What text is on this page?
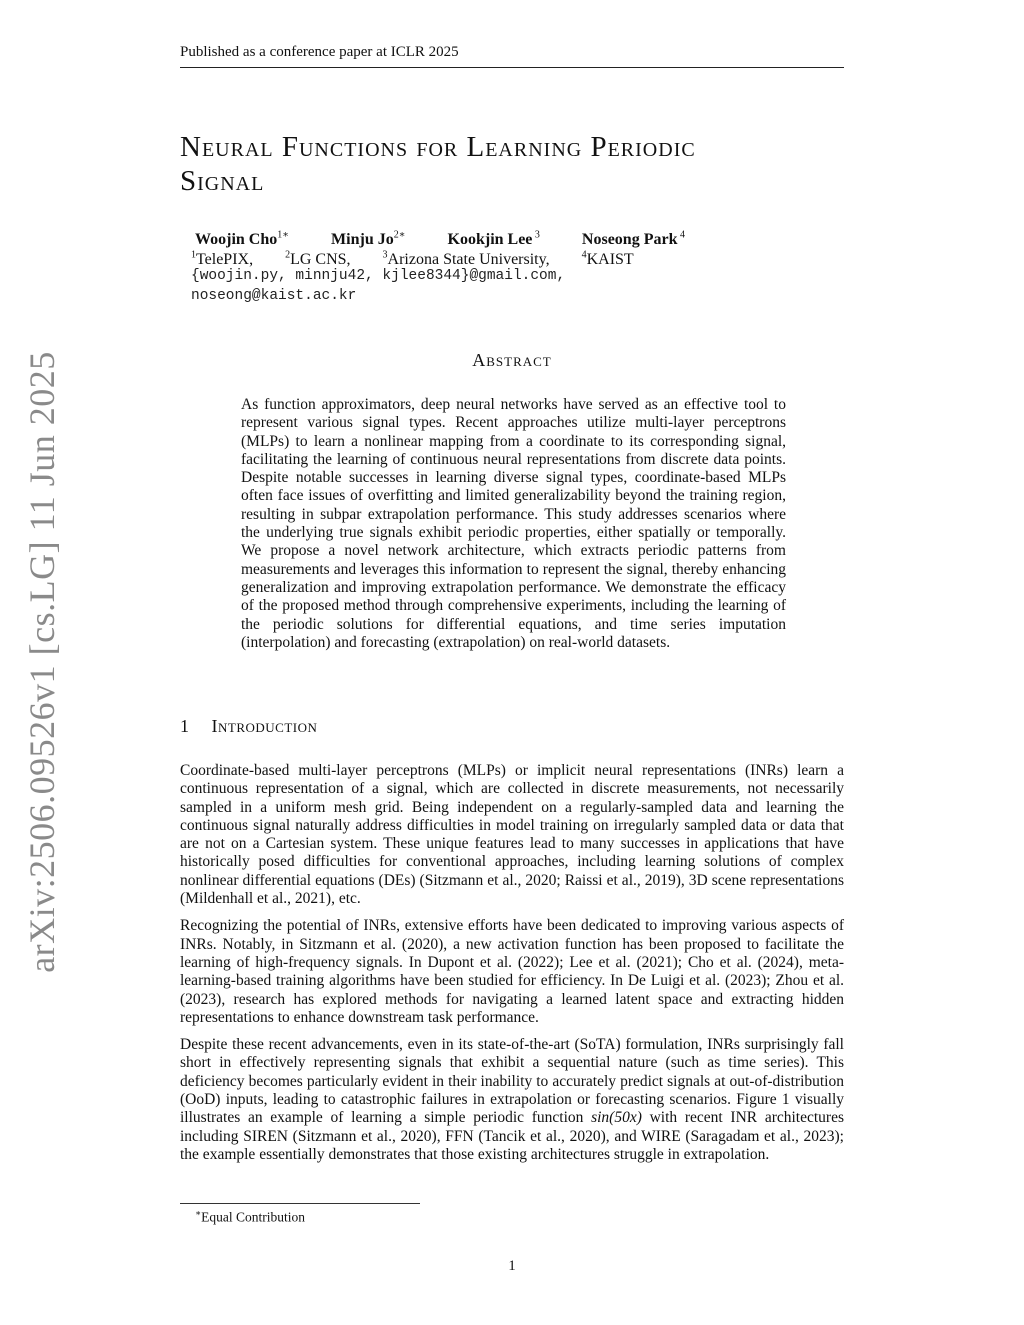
Published as a conference paper at ICLR 2025
Neural Functions for Learning Periodic
Signal
Woojin Cho$^{1∗}$	Minju $Jo^{2∗}$	Kookjin Lee $^3$	Noseong Park $^4$
$^1$TelePIX,	$^2$LG CNS,	$^3$Arizona State University,	$^4$KAIST
{woojin.py, minnju42, kjlee8344}@gmail.com,
noseong@kaist.ac.kr
Abstract
As function approximators, deep neural networks have served as an effective tool to represent various signal types. Recent approaches utilize multi-layer perceptrons (MLPs) to learn a nonlinear mapping from a coordinate to its corresponding signal, facilitating the learning of continuous neural representations from discrete data points. Despite notable successes in learning diverse signal types, coordinate-based MLPs often face issues of overfitting and limited generalizability beyond the training region, resulting in subpar extrapolation performance. This study addresses scenarios where the underlying true signals exhibit periodic properties, either spatially or temporally. We propose a novel network architecture, which extracts periodic patterns from measurements and leverages this information to represent the signal, thereby enhancing generalization and improving extrapolation performance. We demonstrate the efficacy of the proposed method through comprehensive experiments, including the learning of the periodic solutions for differential equations, and time series imputation (interpolation) and forecasting (extrapolation) on real-world datasets.
1 Introduction

Coordinate-based multi-layer perceptrons (MLPs) or implicit neural representations (INRs) learn a continuous representation of a signal, which are collected in discrete measurements, not necessarily sampled in a uniform mesh grid. Being independent on a regularly-sampled data and learning the continuous signal naturally address difficulties in model training on irregularly sampled data or data that are not on a Cartesian system. These unique features lead to many successes in applications that have historically posed difficulties for conventional approaches, including learning solutions of complex nonlinear differential equations (DEs) (Sitzmann et al., 2020; Raissi et al., 2019), 3D scene representations (Mildenhall et al., 2021), etc.

Recognizing the potential of INRs, extensive efforts have been dedicated to improving various aspects of INRs. Notably, in Sitzmann et al. (2020), a new activation function has been proposed to facilitate the learning of high-frequency signals. In Dupont et al. (2022); Lee et al. (2021); Cho et al. (2024), meta-learning-based training algorithms have been studied for efficiency. In De Luigi et al. (2023); Zhou et al. (2023), research has explored methods for navigating a learned latent space and extracting hidden representations to enhance downstream task performance.

Despite these recent advancements, even in its state-of-the-art (SoTA) formulation, INRs surprisingly fall short in effectively representing signals that exhibit a sequential nature (such as time series). This deficiency becomes particularly evident in their inability to accurately predict signals at out-of-distribution (OoD) inputs, leading to catastrophic failures in extrapolation or forecasting scenarios. Figure 1 visually illustrates an example of learning a simple periodic function sin(50x) with recent INR architectures including SIREN (Sitzmann et al., 2020), FFN (Tancik et al., 2020), and WIRE (Saragadam et al., 2023); the example essentially demonstrates that those existing architectures struggle in extrapolation.

∗Equal Contribution
1
arXiv:2506.09526v1 [cs.LG] 11 Jun 2025
